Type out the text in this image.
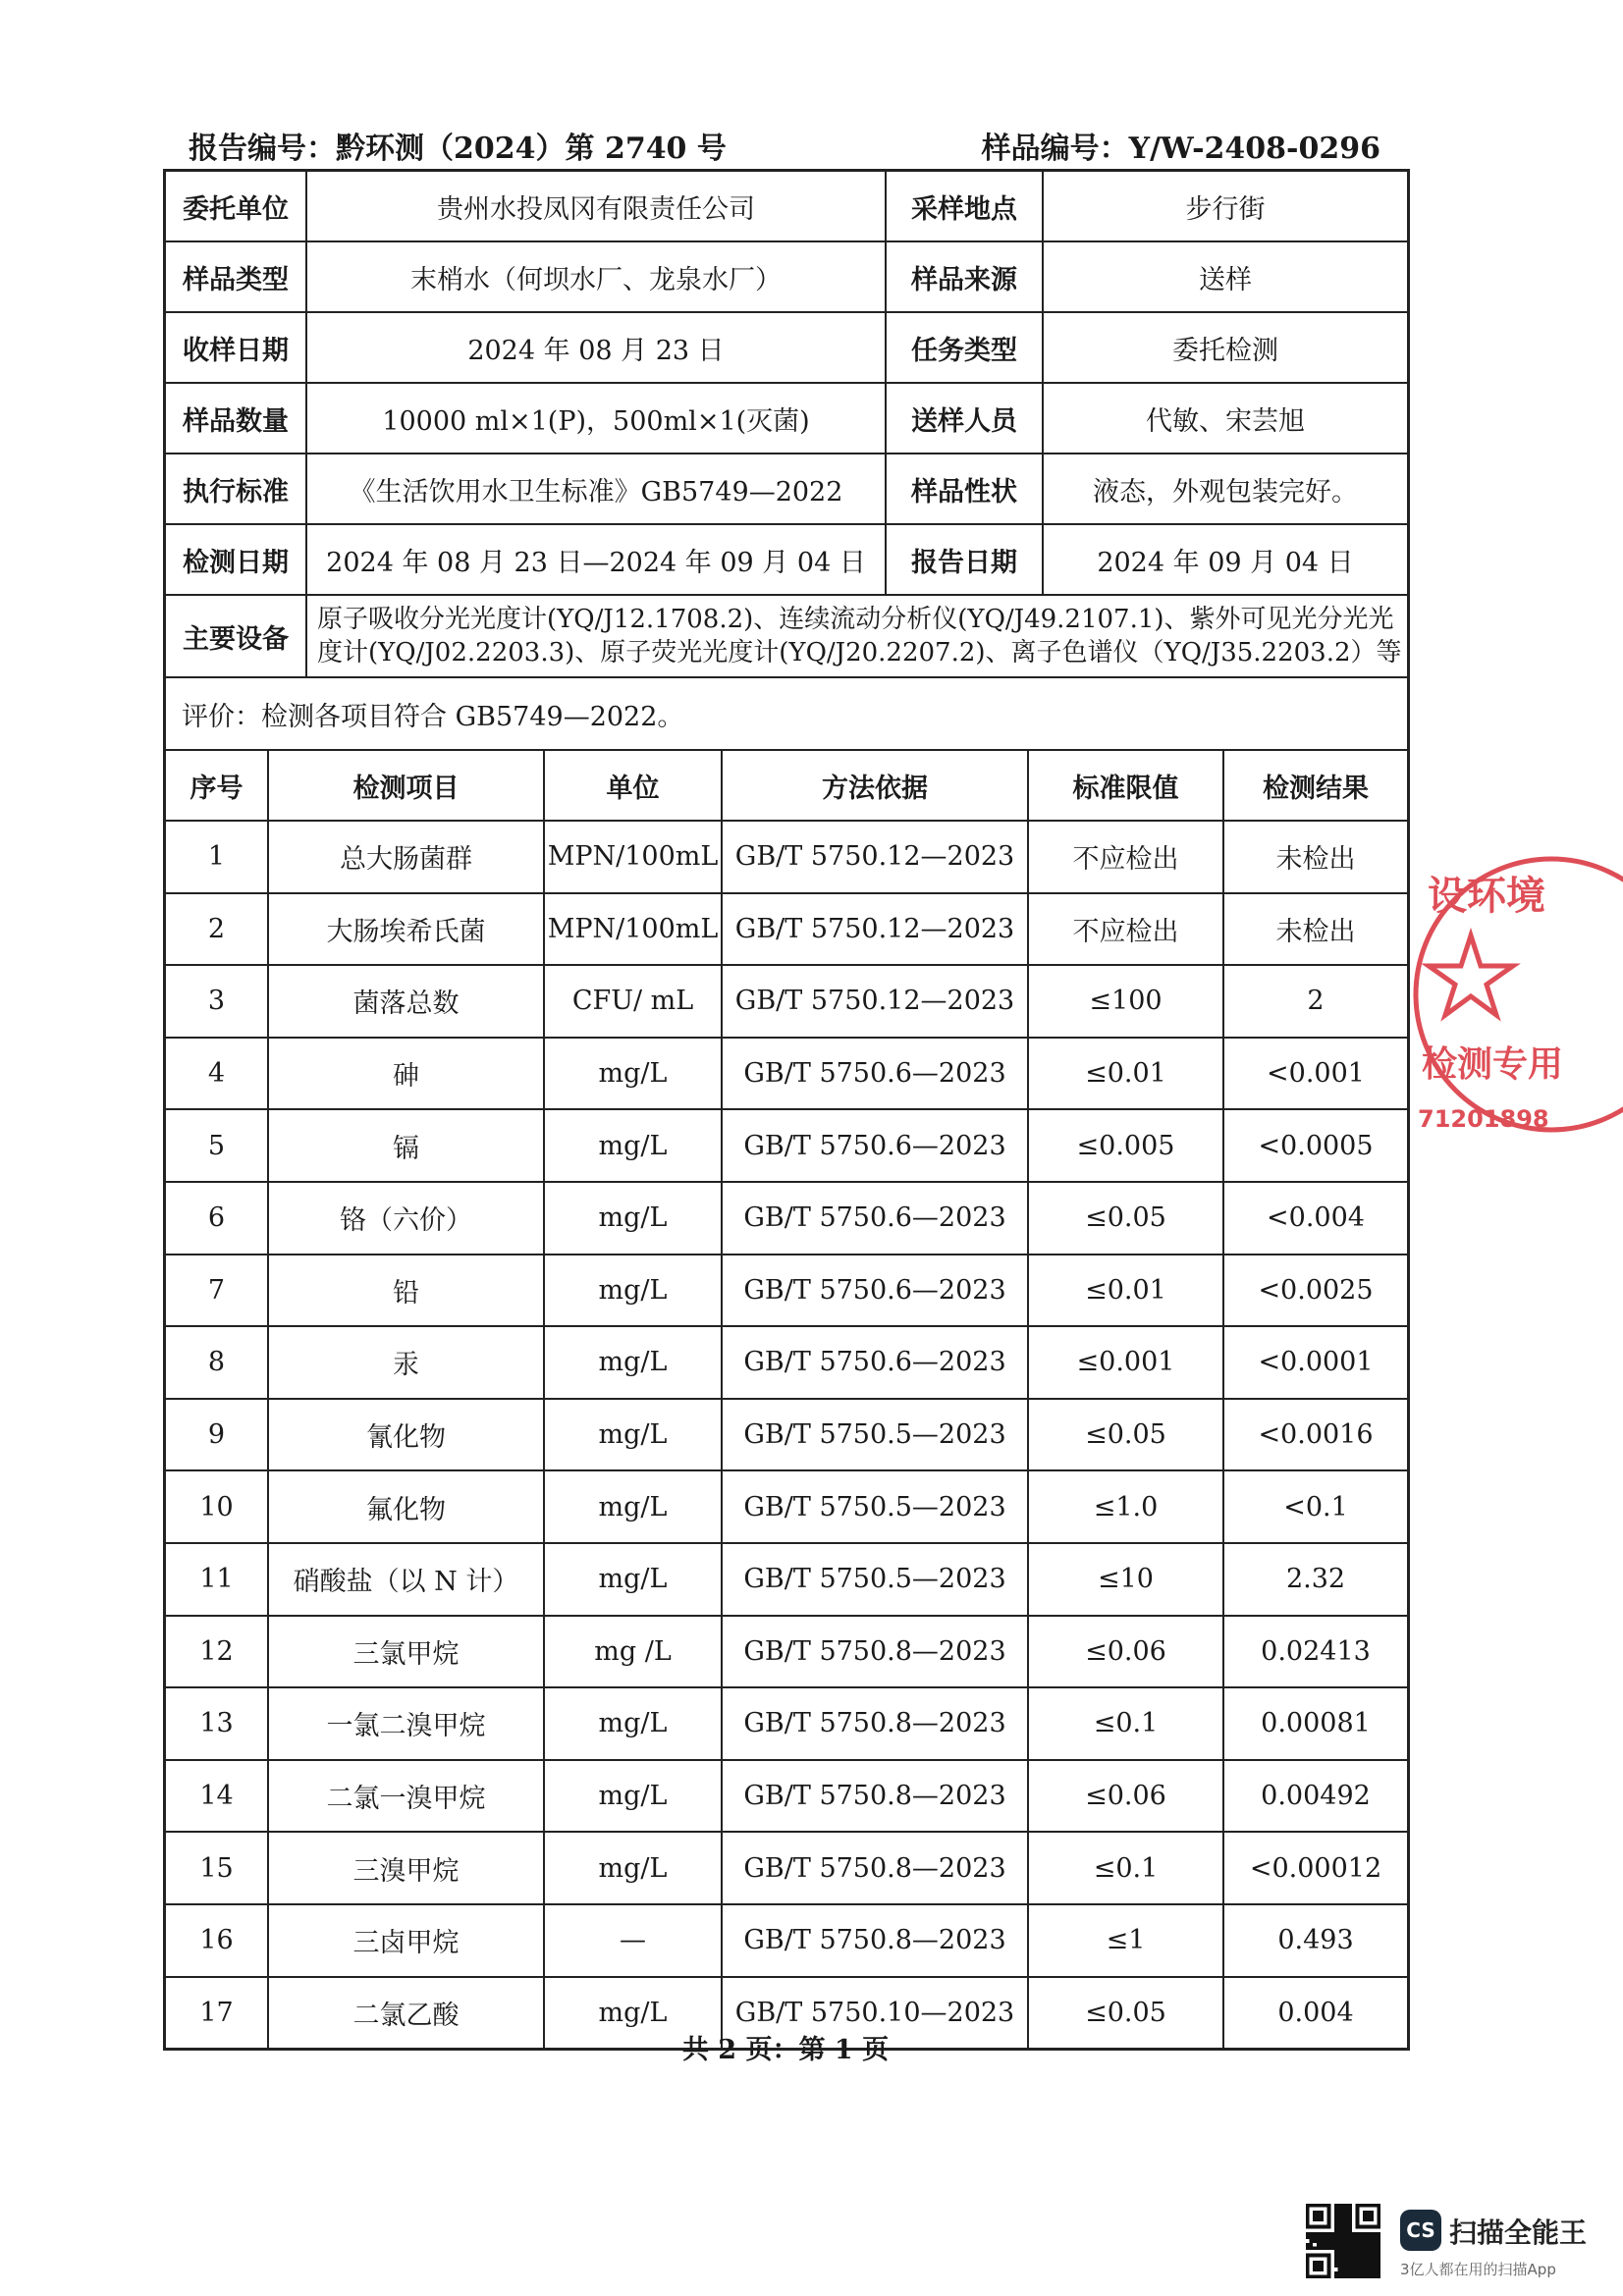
报告编号：黔环测（2024）第 2740 号	样品编号：Y/W-2408-0296
委托单位	贵州水投凤冈有限责任公司	采样地点	步行街
样品类型	末梢水（何坝水厂、龙泉水厂）	样品来源	送样
收样日期	2024 年 08 月 23 日	任务类型	委托检测
样品数量	10000 ml×1(P)，500ml×1(灭菌)	送样人员	代敏、宋芸旭
执行标准	《生活饮用水卫生标准》GB5749—2022	样品性状	液态，外观包装完好。
检测日期	2024 年 08 月 23 日—2024 年 09 月 04 日	报告日期	2024 年 09 月 04 日
主要设备	原子吸收分光光度计(YQ/J12.1708.2)、连续流动分析仪(YQ/J49.2107.1)、紫外可见光分光光度计(YQ/J02.2203.3)、原子荧光光度计(YQ/J20.2207.2)、离子色谱仪（YQ/J35.2203.2）等		
评价：检测各项目符合 GB5749—2022。
序号	检测项目	单位	方法依据	标准限值	检测结果
1	总大肠菌群	MPN/100mL	GB/T 5750.12—2023	不应检出	未检出
2	大肠埃希氏菌	MPN/100mL	GB/T 5750.12—2023	不应检出	未检出
3	菌落总数	CFU/ mL	GB/T 5750.12—2023	≤100	2
4	砷	mg/L	GB/T 5750.6—2023	≤0.01	<0.001
5	镉	mg/L	GB/T 5750.6—2023	≤0.005	<0.0005
6	铬（六价）	mg/L	GB/T 5750.6—2023	≤0.05	<0.004
7	铅	mg/L	GB/T 5750.6—2023	≤0.01	<0.0025
8	汞	mg/L	GB/T 5750.6—2023	≤0.001	<0.0001
9	氰化物	mg/L	GB/T 5750.5—2023	≤0.05	<0.0016
10	氟化物	mg/L	GB/T 5750.5—2023	≤1.0	<0.1
11	硝酸盐（以 N 计）	mg/L	GB/T 5750.5—2023	≤10	2.32
12	三氯甲烷	mg /L	GB/T 5750.8—2023	≤0.06	0.02413
13	一氯二溴甲烷	mg/L	GB/T 5750.8—2023	≤0.1	0.00081
14	二氯一溴甲烷	mg/L	GB/T 5750.8—2023	≤0.06	0.00492
15	三溴甲烷	mg/L	GB/T 5750.8—2023	≤0.1	<0.00012
16	三卤甲烷	—	GB/T 5750.8—2023	≤1	0.493
17	二氯乙酸	mg/L	GB/T 5750.10—2023	≤0.05	0.004
共 2 页：第 1 页
设环境
检测专用
71201898
CS 扫描全能王
3亿人都在用的扫描App
